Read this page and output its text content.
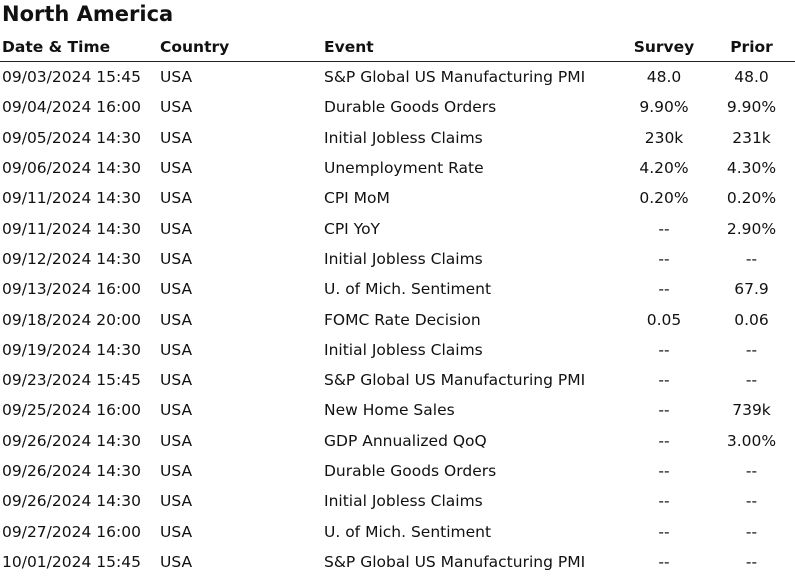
North America
Date & Time	Country	Event	Survey	Prior
09/03/2024 15:45	USA	S&P Global US Manufacturing PMI	48.0	48.0
09/04/2024 16:00	USA	Durable Goods Orders	9.90%	9.90%
09/05/2024 14:30	USA	Initial Jobless Claims	230k	231k
09/06/2024 14:30	USA	Unemployment Rate	4.20%	4.30%
09/11/2024 14:30	USA	CPI MoM	0.20%	0.20%
09/11/2024 14:30	USA	CPI YoY	--	2.90%
09/12/2024 14:30	USA	Initial Jobless Claims	--	--
09/13/2024 16:00	USA	U. of Mich. Sentiment	--	67.9
09/18/2024 20:00	USA	FOMC Rate Decision	0.05	0.06
09/19/2024 14:30	USA	Initial Jobless Claims	--	--
09/23/2024 15:45	USA	S&P Global US Manufacturing PMI	--	--
09/25/2024 16:00	USA	New Home Sales	--	739k
09/26/2024 14:30	USA	GDP Annualized QoQ	--	3.00%
09/26/2024 14:30	USA	Durable Goods Orders	--	--
09/26/2024 14:30	USA	Initial Jobless Claims	--	--
09/27/2024 16:00	USA	U. of Mich. Sentiment	--	--
10/01/2024 15:45	USA	S&P Global US Manufacturing PMI	--	--
